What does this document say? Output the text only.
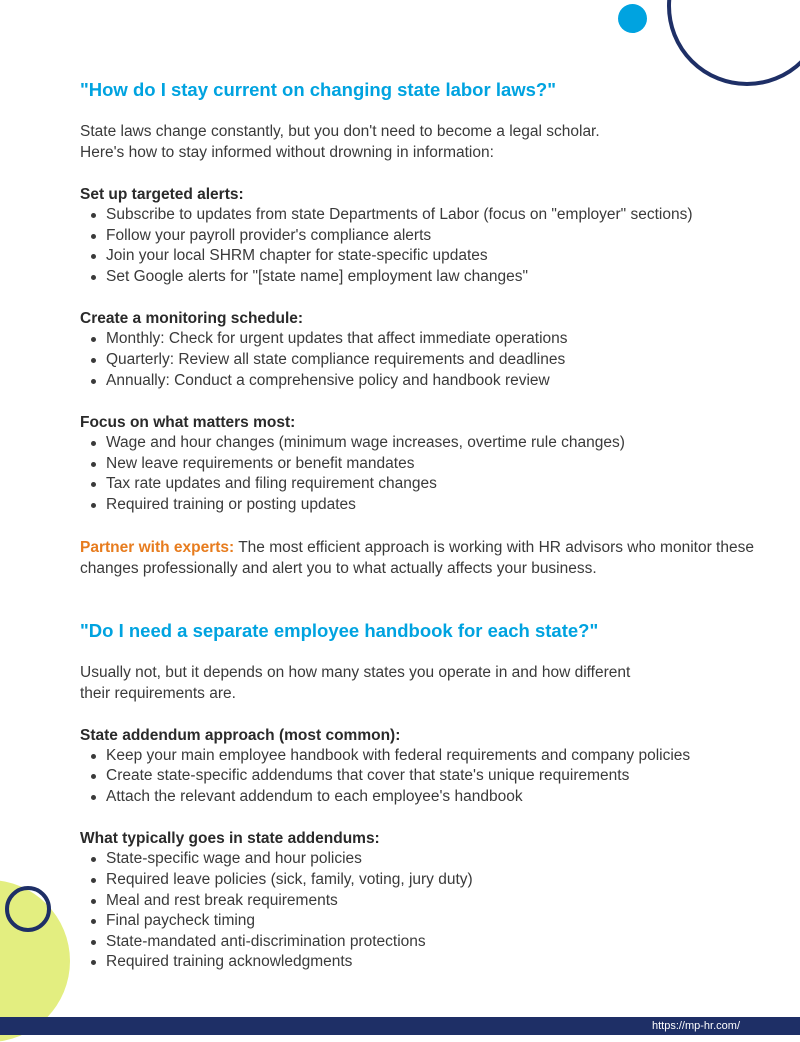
"How do I stay current on changing state labor laws?"

State laws change constantly, but you don't need to become a legal scholar.
Here's how to stay informed without drowning in information:

Set up targeted alerts:
Subscribe to updates from state Departments of Labor (focus on "employer" sections)
Follow your payroll provider's compliance alerts
Join your local SHRM chapter for state-specific updates
Set Google alerts for "[state name] employment law changes"
Create a monitoring schedule:
Monthly: Check for urgent updates that affect immediate operations
Quarterly: Review all state compliance requirements and deadlines
Annually: Conduct a comprehensive policy and handbook review
Focus on what matters most:
Wage and hour changes (minimum wage increases, overtime rule changes)
New leave requirements or benefit mandates
Tax rate updates and filing requirement changes
Required training or posting updates

Partner with experts: The most efficient approach is working with HR advisors who monitor these changes professionally and alert you to what actually affects your business.

"Do I need a separate employee handbook for each state?"

Usually not, but it depends on how many states you operate in and how different
their requirements are.

State addendum approach (most common):
Keep your main employee handbook with federal requirements and company policies
Create state-specific addendums that cover that state's unique requirements
Attach the relevant addendum to each employee's handbook
What typically goes in state addendums:
State-specific wage and hour policies
Required leave policies (sick, family, voting, jury duty)
Meal and rest break requirements
Final paycheck timing
State-mandated anti-discrimination protections
Required training acknowledgments
https://mp-hr.com/
